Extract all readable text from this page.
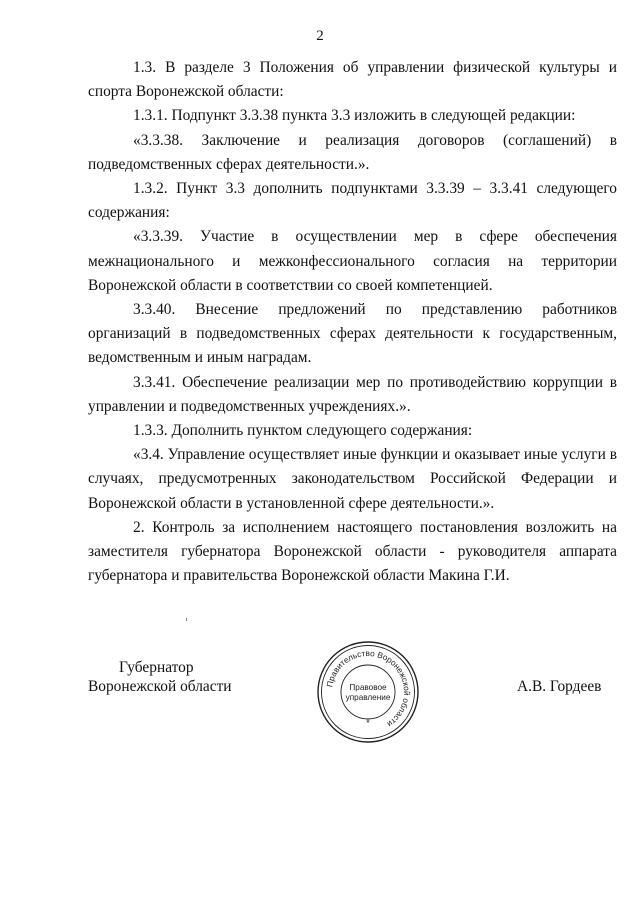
2

1.3. В разделе 3 Положения об управлении физической культуры и спорта Воронежской области:

1.3.1. Подпункт 3.3.38 пункта 3.3 изложить в следующей редакции:

«3.3.38. Заключение и реализация договоров (соглашений) в подведомственных сферах деятельности.».

1.3.2. Пункт 3.3 дополнить подпунктами 3.3.39 – 3.3.41 следующего содержания:

«3.3.39. Участие в осуществлении мер в сфере обеспечения межнационального и межконфессионального согласия на территории Воронежской области в соответствии со своей компетенцией.

3.3.40. Внесение предложений по представлению работников организаций в подведомственных сферах деятельности к государственным, ведомственным и иным наградам.

3.3.41. Обеспечение реализации мер по противодействию коррупции в управлении и подведомственных учреждениях.».

1.3.3. Дополнить пунктом следующего содержания:

«3.4. Управление осуществляет иные функции и оказывает иные услуги в случаях, предусмотренных законодательством Российской Федерации и Воронежской области в установленной сфере деятельности.».

2. Контроль за исполнением настоящего постановления возложить на заместителя губернатора Воронежской области - руководителя аппарата губернатора и правительства Воронежской области Макина Г.И.

Губернатор
Воронежской области	Правительство Воронежской области
Правовое
управление
*
А.В. Гордеев
